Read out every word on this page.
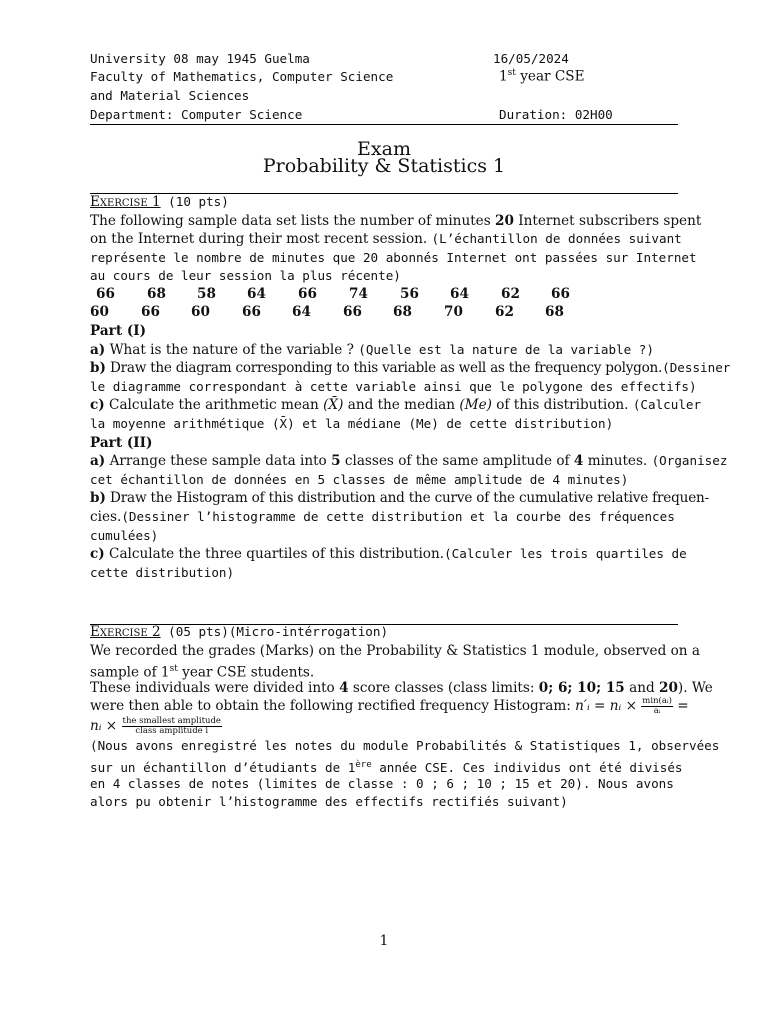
University 08 may 1945 Guelma	16/05/2024
Faculty of Mathematics, Computer Science	1st year CSE
and Material Sciences
Department: Computer Science	Duration: 02H00
Exam
Probability & Statistics 1
Exercise 1 (10 pts)
The following sample data set lists the number of minutes 20 Internet subscribers spent
on the Internet during their most recent session. (L’échantillon de données suivant
représente le nombre de minutes que 20 abonnés Internet ont passées sur Internet
au cours de leur session la plus récente)
66 68 58 64 66 74 56 64 62 66
60 66 60 66 64 66 68 70 62 68
Part (I)
a) What is the nature of the variable ? (Quelle est la nature de la variable ?)
b) Draw the diagram corresponding to this variable as well as the frequency polygon.(Dessiner
le diagramme correspondant à cette variable ainsi que le polygone des effectifs)
c) Calculate the arithmetic mean (X̄) and the median (Me) of this distribution. (Calculer
la moyenne arithmétique (X̄) et la médiane (Me) de cette distribution)
Part (II)
a) Arrange these sample data into 5 classes of the same amplitude of 4 minutes. (Organisez
cet échantillon de données en 5 classes de même amplitude de 4 minutes)
b) Draw the Histogram of this distribution and the curve of the cumulative relative frequen-
cies.(Dessiner l’histogramme de cette distribution et la courbe des fréquences
cumulées)
c) Calculate the three quartiles of this distribution.(Calculer les trois quartiles de
cette distribution)
Exercise 2 (05 pts)(Micro-intérrogation)
We recorded the grades (Marks) on the Probability & Statistics 1 module, observed on a
sample of 1st year CSE students.
These individuals were divided into 4 score classes (class limits: 0; 6; 10; 15 and 20). We
were then able to obtain the following rectified frequency Histogram: n′ᵢ = nᵢ × $\frac{\text{min(aᵢ)}}{\text{aᵢ}}$ =
nᵢ × $\frac{\text{the smallest amplitude}}{\text{class amplitude i}}$
(Nous avons enregistré les notes du module Probabilités & Statistiques 1, observées
sur un échantillon d’étudiants de 1ère année CSE. Ces individus ont été divisés
en 4 classes de notes (limites de classe : 0 ; 6 ; 10 ; 15 et 20). Nous avons
alors pu obtenir l’histogramme des effectifs rectifiés suivant)
1
